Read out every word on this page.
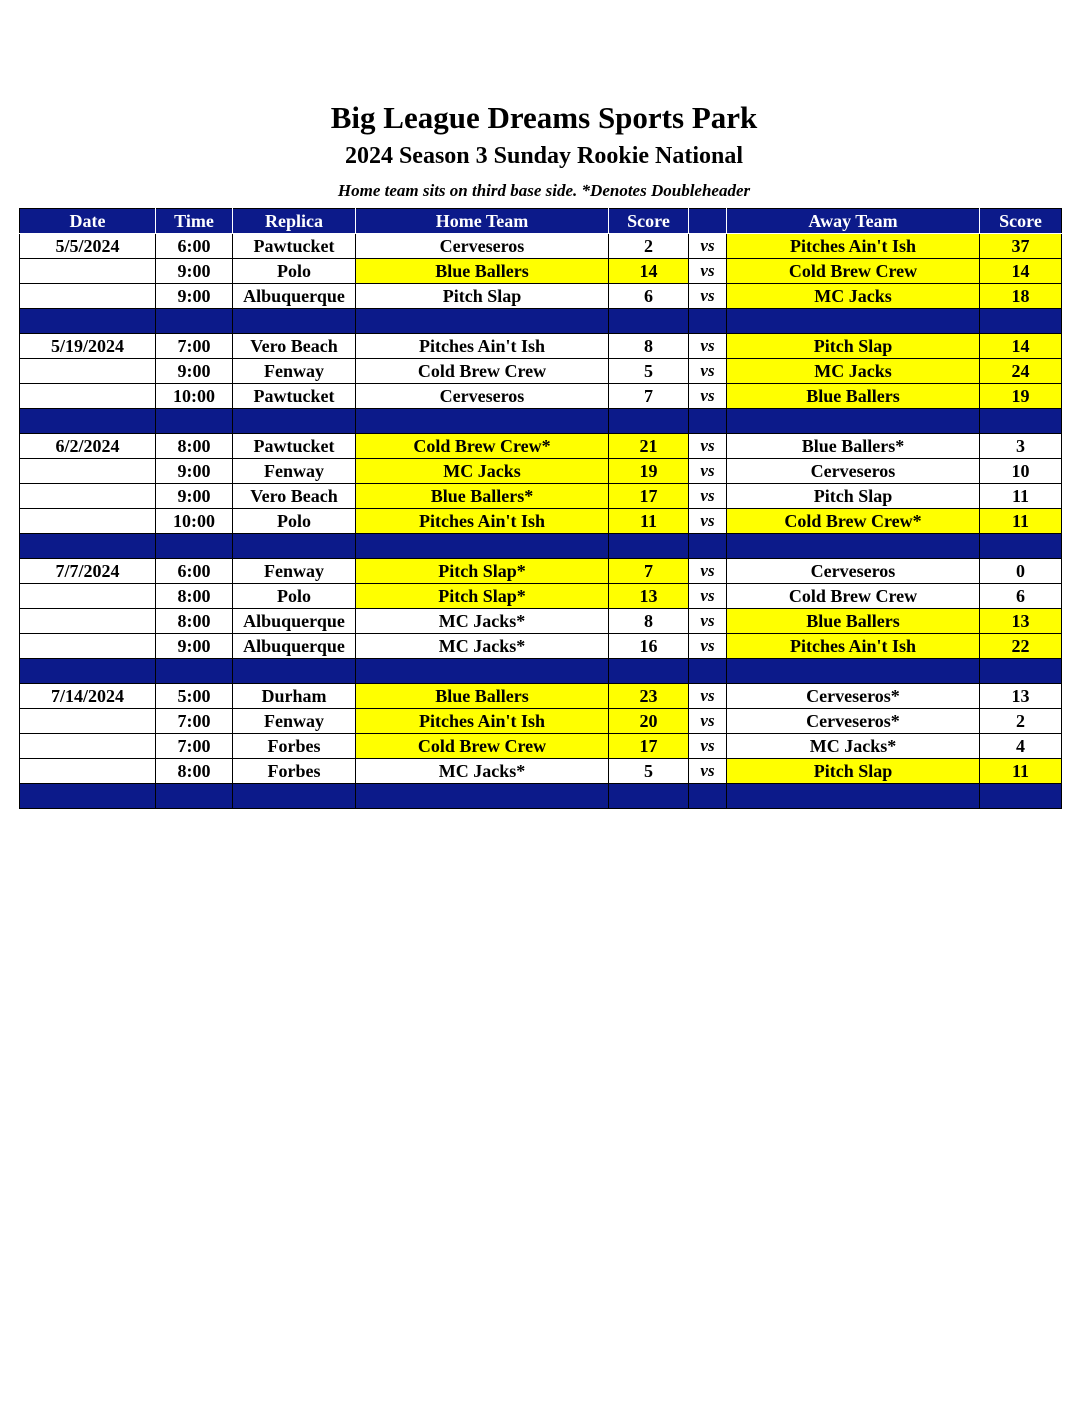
Big League Dreams Sports Park
2024 Season 3 Sunday Rookie National
Home team sits on third base side. *Denotes Doubleheader
Date	Time	Replica	Home Team	Score		Away Team	Score
5/5/2024	6:00	Pawtucket	Cerveseros	2	vs	Pitches Ain't Ish	37
	9:00	Polo	Blue Ballers	14	vs	Cold Brew Crew	14
	9:00	Albuquerque	Pitch Slap	6	vs	MC Jacks	18

5/19/2024	7:00	Vero Beach	Pitches Ain't Ish	8	vs	Pitch Slap	14
	9:00	Fenway	Cold Brew Crew	5	vs	MC Jacks	24
	10:00	Pawtucket	Cerveseros	7	vs	Blue Ballers	19

6/2/2024	8:00	Pawtucket	Cold Brew Crew*	21	vs	Blue Ballers*	3
	9:00	Fenway	MC Jacks	19	vs	Cerveseros	10
	9:00	Vero Beach	Blue Ballers*	17	vs	Pitch Slap	11
	10:00	Polo	Pitches Ain't Ish	11	vs	Cold Brew Crew*	11

7/7/2024	6:00	Fenway	Pitch Slap*	7	vs	Cerveseros	0
	8:00	Polo	Pitch Slap*	13	vs	Cold Brew Crew	6
	8:00	Albuquerque	MC Jacks*	8	vs	Blue Ballers	13
	9:00	Albuquerque	MC Jacks*	16	vs	Pitches Ain't Ish	22

7/14/2024	5:00	Durham	Blue Ballers	23	vs	Cerveseros*	13
	7:00	Fenway	Pitches Ain't Ish	20	vs	Cerveseros*	2
	7:00	Forbes	Cold Brew Crew	17	vs	MC Jacks*	4
	8:00	Forbes	MC Jacks*	5	vs	Pitch Slap	11
